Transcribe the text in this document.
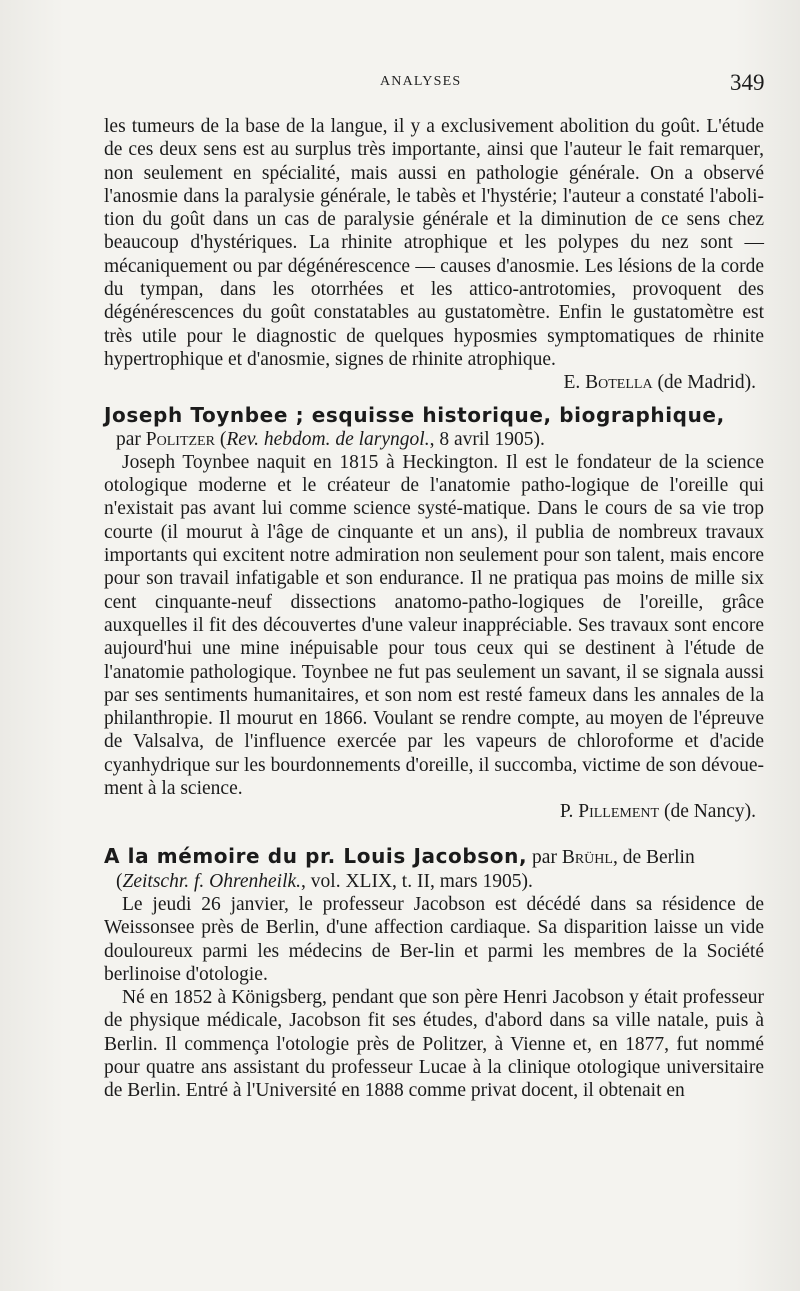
ANALYSES	349

les tumeurs de la base de la langue, il y a exclusivement abolition du goût. L'étude de ces deux sens est au surplus très importante, ainsi que l'auteur le fait remarquer, non seulement en spécialité, mais aussi en pathologie générale. On a observé l'anosmie dans la paralysie générale, le tabès et l'hystérie; l'auteur a constaté l'aboli-tion du goût dans un cas de paralysie générale et la diminution de ce sens chez beaucoup d'hystériques. La rhinite atrophique et les polypes du nez sont — mécaniquement ou par dégénérescence — causes d'anosmie. Les lésions de la corde du tympan, dans les otorrhées et les attico-antrotomies, provoquent des dégénérescences du goût constatables au gustatomètre. Enfin le gustatomètre est très utile pour le diagnostic de quelques hyposmies symptomatiques de rhinite hypertrophique et d'anosmie, signes de rhinite atrophique.

E. Botella (de Madrid).

Joseph Toynbee ; esquisse historique, biographique,

par Politzer (Rev. hebdom. de laryngol., 8 avril 1905).

Joseph Toynbee naquit en 1815 à Heckington. Il est le fondateur de la science otologique moderne et le créateur de l'anatomie patho-logique de l'oreille qui n'existait pas avant lui comme science systé-matique. Dans le cours de sa vie trop courte (il mourut à l'âge de cinquante et un ans), il publia de nombreux travaux importants qui excitent notre admiration non seulement pour son talent, mais encore pour son travail infatigable et son endurance. Il ne pratiqua pas moins de mille six cent cinquante-neuf dissections anatomo-patho-logiques de l'oreille, grâce auxquelles il fit des découvertes d'une valeur inappréciable. Ses travaux sont encore aujourd'hui une mine inépuisable pour tous ceux qui se destinent à l'étude de l'anatomie pathologique. Toynbee ne fut pas seulement un savant, il se signala aussi par ses sentiments humanitaires, et son nom est resté fameux dans les annales de la philanthropie. Il mourut en 1866. Voulant se rendre compte, au moyen de l'épreuve de Valsalva, de l'influence exercée par les vapeurs de chloroforme et d'acide cyanhydrique sur les bourdonnements d'oreille, il succomba, victime de son dévoue-ment à la science.

P. Pillement (de Nancy).

A la mémoire du pr. Louis Jacobson, par Brühl, de Berlin

(Zeitschr. f. Ohrenheilk., vol. XLIX, t. II, mars 1905).

Le jeudi 26 janvier, le professeur Jacobson est décédé dans sa résidence de Weissonsee près de Berlin, d'une affection cardiaque. Sa disparition laisse un vide douloureux parmi les médecins de Ber-lin et parmi les membres de la Société berlinoise d'otologie.

Né en 1852 à Königsberg, pendant que son père Henri Jacobson y était professeur de physique médicale, Jacobson fit ses études, d'abord dans sa ville natale, puis à Berlin. Il commença l'otologie près de Politzer, à Vienne et, en 1877, fut nommé pour quatre ans assistant du professeur Lucae à la clinique otologique universitaire de Berlin. Entré à l'Université en 1888 comme privat docent, il obtenait en
